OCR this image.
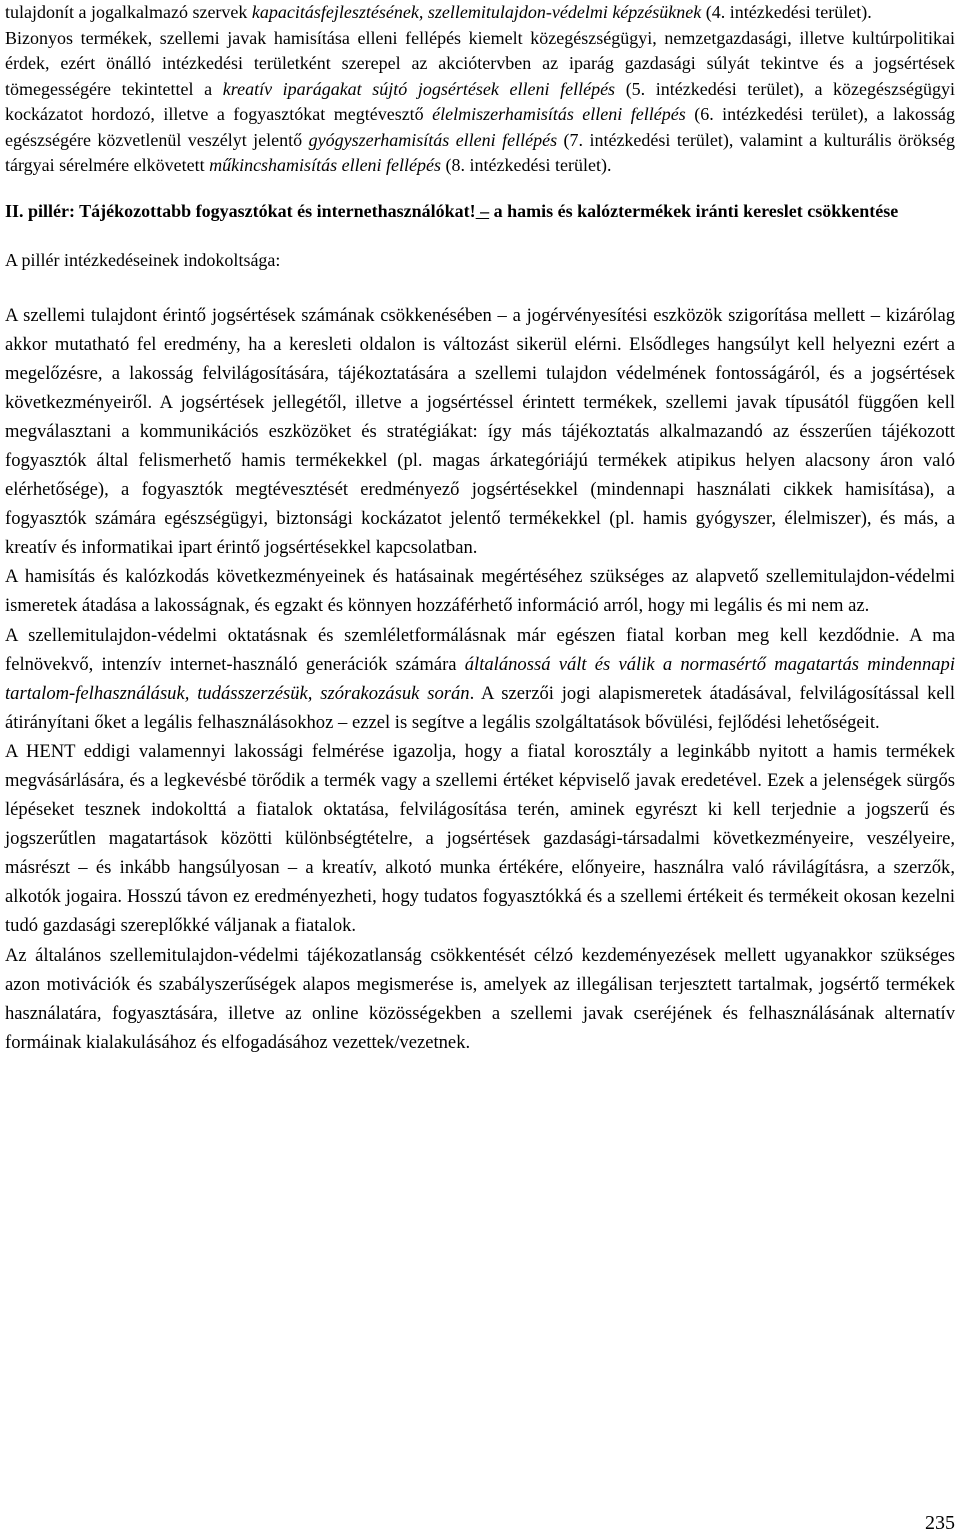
tulajdonít a jogalkalmazó szervek kapacitásfejlesztésének, szellemitulajdon-védelmi képzésüknek (4. intézkedési terület).

Bizonyos termékek, szellemi javak hamisítása elleni fellépés kiemelt közegészségügyi, nemzetgazdasági, illetve kultúrpolitikai érdek, ezért önálló intézkedési területként szerepel az akciótervben az iparág gazdasági súlyát tekintve és a jogsértések tömegességére tekintettel a kreatív iparágakat sújtó jogsértések elleni fellépés (5. intézkedési terület), a közegészségügyi kockázatot hordozó, illetve a fogyasztókat megtévesztő élelmiszerhamisítás elleni fellépés (6. intézkedési terület), a lakosság egészségére közvetlenül veszélyt jelentő gyógyszerhamisítás elleni fellépés (7. intézkedési terület), valamint a kulturális örökség tárgyai sérelmére elkövetett műkincshamisítás elleni fellépés (8. intézkedési terület).

II. pillér: Tájékozottabb fogyasztókat és internethasználókat! – a hamis és kalóztermékek iránti kereslet csökkentése
A pillér intézkedéseinek indokoltsága:

A szellemi tulajdont érintő jogsértések számának csökkenésében – a jogérvényesítési eszközök szigorítása mellett – kizárólag akkor mutatható fel eredmény, ha a keresleti oldalon is változást sikerül elérni. Elsődleges hangsúlyt kell helyezni ezért a megelőzésre, a lakosság felvilágosítására, tájékoztatására a szellemi tulajdon védelmének fontosságáról, és a jogsértések következményeiről. A jogsértések jellegétől, illetve a jogsértéssel érintett termékek, szellemi javak típusától függően kell megválasztani a kommunikációs eszközöket és stratégiákat: így más tájékoztatás alkalmazandó az ésszerűen tájékozott fogyasztók által felismerhető hamis termékekkel (pl. magas árkategóriájú termékek atipikus helyen alacsony áron való elérhetősége), a fogyasztók megtévesztését eredményező jogsértésekkel (mindennapi használati cikkek hamisítása), a fogyasztók számára egészségügyi, biztonsági kockázatot jelentő termékekkel (pl. hamis gyógyszer, élelmiszer), és más, a kreatív és informatikai ipart érintő jogsértésekkel kapcsolatban.

A hamisítás és kalózkodás következményeinek és hatásainak megértéséhez szükséges az alapvető szellemitulajdon-védelmi ismeretek átadása a lakosságnak, és egzakt és könnyen hozzáférhető információ arról, hogy mi legális és mi nem az.

A szellemitulajdon-védelmi oktatásnak és szemléletformálásnak már egészen fiatal korban meg kell kezdődnie. A ma felnövekvő, intenzív internet-használó generációk számára általánossá vált és válik a normasértő magatartás mindennapi tartalom-felhasználásuk, tudásszerzésük, szórakozásuk során. A szerzői jogi alapismeretek átadásával, felvilágosítással kell átirányítani őket a legális felhasználásokhoz – ezzel is segítve a legális szolgáltatások bővülési, fejlődési lehetőségeit.

A HENT eddigi valamennyi lakossági felmérése igazolja, hogy a fiatal korosztály a leginkább nyitott a hamis termékek megvásárlására, és a legkevésbé törődik a termék vagy a szellemi értéket képviselő javak eredetével. Ezek a jelenségek sürgős lépéseket tesznek indokolttá a fiatalok oktatása, felvilágosítása terén, aminek egyrészt ki kell terjednie a jogszerű és jogszerűtlen magatartások közötti különbségtételre, a jogsértések gazdasági-társadalmi következményeire, veszélyeire, másrészt – és inkább hangsúlyosan – a kreatív, alkotó munka értékére, előnyeire, használra való rávilágításra, a szerzők, alkotók jogaira. Hosszú távon ez eredményezheti, hogy tudatos fogyasztókká és a szellemi értékeit és termékeit okosan kezelni tudó gazdasági szereplőkké váljanak a fiatalok.

Az általános szellemitulajdon-védelmi tájékozatlanság csökkentését célzó kezdeményezések mellett ugyanakkor szükséges azon motivációk és szabályszerűségek alapos megismerése is, amelyek az illegálisan terjesztett tartalmak, jogsértő termékek használatára, fogyasztására, illetve az online közösségekben a szellemi javak cseréjének és felhasználásának alternatív formáinak kialakulásához és elfogadásához vezettek/vezetnek.

235
